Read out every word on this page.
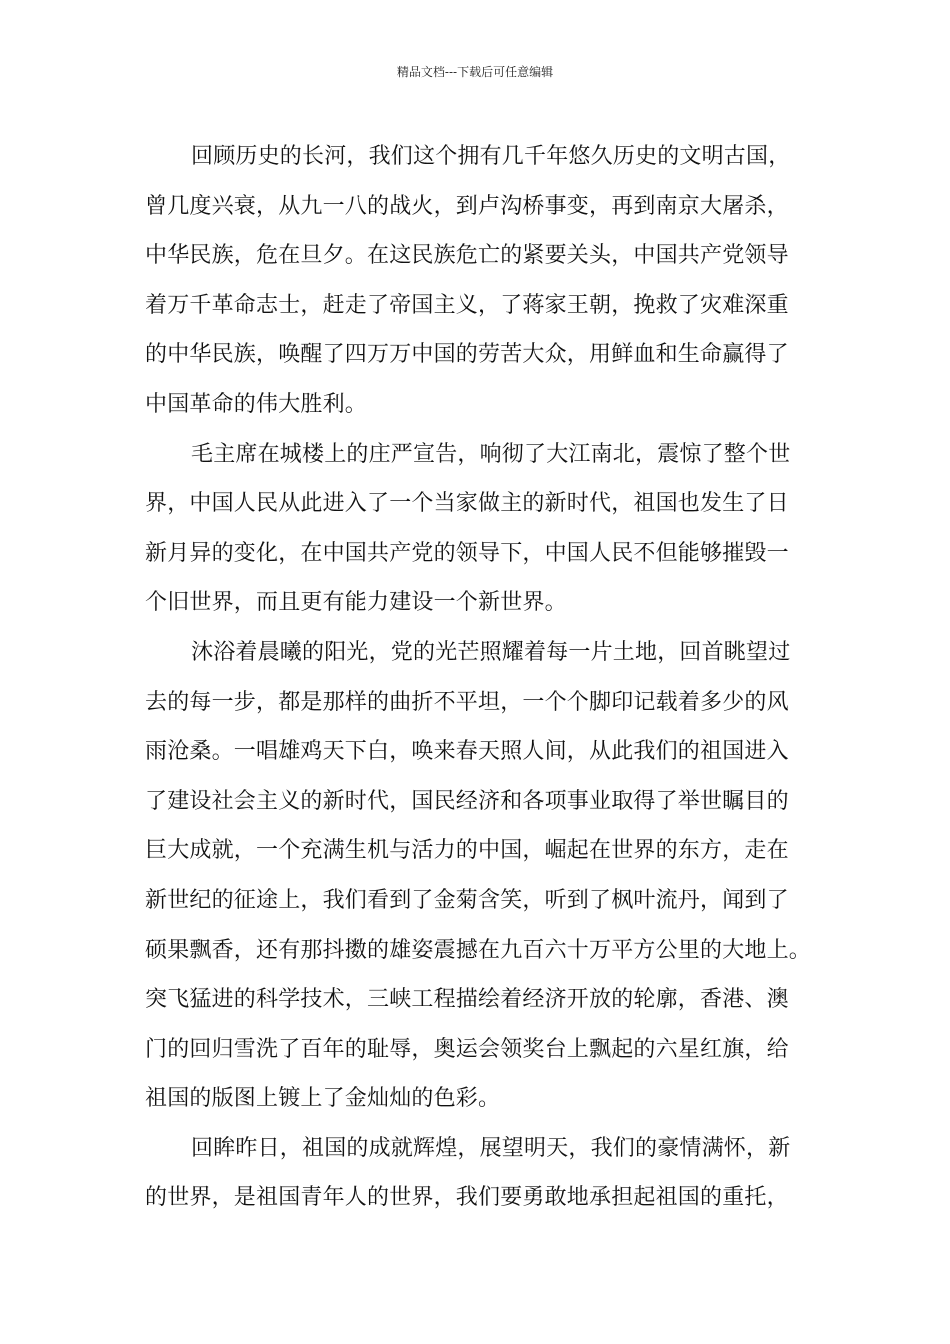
精品文档---下载后可任意编辑
回顾历史的长河，我们这个拥有几千年悠久历史的文明古国，
曾几度兴衰，从九一八的战火，到卢沟桥事变，再到南京大屠杀，
中华民族，危在旦夕。在这民族危亡的紧要关头，中国共产党领导
着万千革命志士，赶走了帝国主义，了蒋家王朝，挽救了灾难深重
的中华民族，唤醒了四万万中国的劳苦大众，用鲜血和生命赢得了
中国革命的伟大胜利。
毛主席在城楼上的庄严宣告，响彻了大江南北，震惊了整个世
界，中国人民从此进入了一个当家做主的新时代，祖国也发生了日
新月异的变化，在中国共产党的领导下，中国人民不但能够摧毁一
个旧世界，而且更有能力建设一个新世界。
沐浴着晨曦的阳光，党的光芒照耀着每一片土地，回首眺望过
去的每一步，都是那样的曲折不平坦，一个个脚印记载着多少的风
雨沧桑。一唱雄鸡天下白，唤来春天照人间，从此我们的祖国进入
了建设社会主义的新时代，国民经济和各项事业取得了举世瞩目的
巨大成就，一个充满生机与活力的中国，崛起在世界的东方，走在
新世纪的征途上，我们看到了金菊含笑，听到了枫叶流丹，闻到了
硕果飘香，还有那抖擞的雄姿震撼在九百六十万平方公里的大地上。
突飞猛进的科学技术，三峡工程描绘着经济开放的轮廓，香港、澳
门的回归雪洗了百年的耻辱，奥运会领奖台上飘起的六星红旗，给
祖国的版图上镀上了金灿灿的色彩。
回眸昨日，祖国的成就辉煌，展望明天，我们的豪情满怀，新
的世界，是祖国青年人的世界，我们要勇敢地承担起祖国的重托，
